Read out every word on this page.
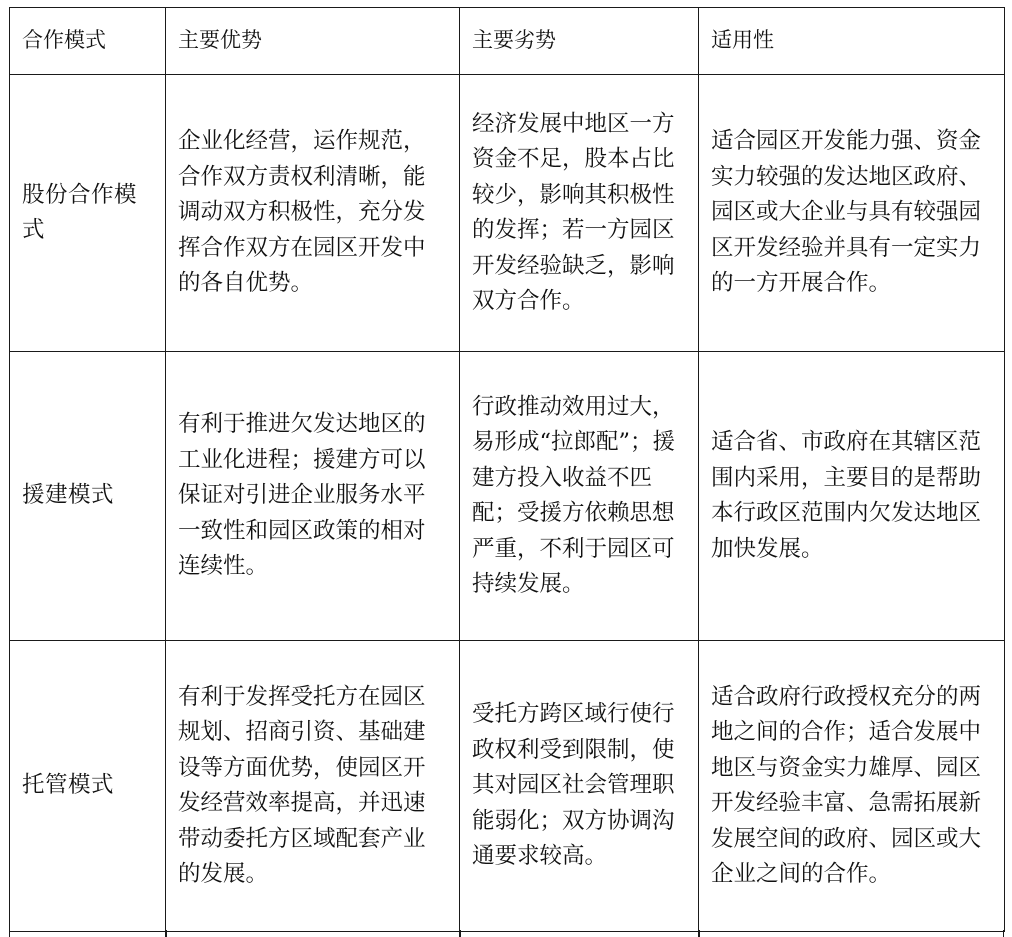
合作模式	主要优势	主要劣势	适用性
股份合作模式	企业化经营，运作规范，合作双方责权利清晰，能调动双方积极性，充分发挥合作双方在园区开发中的各自优势。	经济发展中地区一方资金不足，股本占比较少，影响其积极性的发挥；若一方园区开发经验缺乏，影响双方合作。	适合园区开发能力强、资金实力较强的发达地区政府、园区或大企业与具有较强园区开发经验并具有一定实力的一方开展合作。
援建模式	有利于推进欠发达地区的工业化进程；援建方可以保证对引进企业服务水平一致性和园区政策的相对连续性。	行政推动效用过大，易形成“拉郎配”；援建方投入收益不匹配；受援方依赖思想严重，不利于园区可持续发展。	适合省、市政府在其辖区范围内采用，主要目的是帮助本行政区范围内欠发达地区加快发展。
托管模式	有利于发挥受托方在园区规划、招商引资、基础建设等方面优势，使园区开发经营效率提高，并迅速带动委托方区域配套产业的发展。	受托方跨区域行使行政权利受到限制，使其对园区社会管理职能弱化；双方协调沟通要求较高。	适合政府行政授权充分的两地之间的合作；适合发展中地区与资金实力雄厚、园区开发经验丰富、急需拓展新发展空间的政府、园区或大企业之间的合作。
